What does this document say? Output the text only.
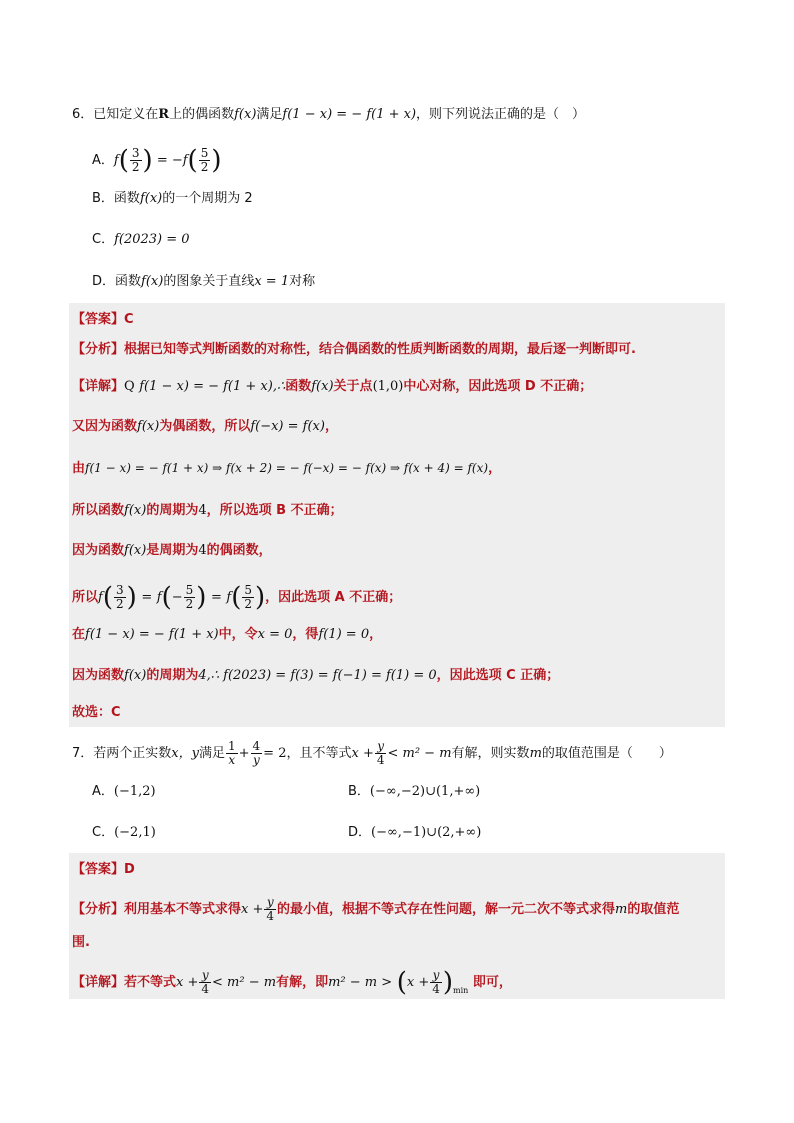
6．已知定义在R上的偶函数f(x)满足f(1 − x) = − f(1 + x)，则下列说法正确的是（　）
A．$f( \frac{3}{2}$ ) = $-f( \frac{5}{2}$ )
B．函数f(x)的一个周期为 2
C．f(2023) = 0
D．函数f(x)的图象关于直线x = 1对称
【答案】C
【分析】根据已知等式判断函数的对称性，结合偶函数的性质判断函数的周期，最后逐一判断即可.
【详解】Q f(1 − x) = − f(1 + x),∴函数f(x)关于点(1,0)中心对称，因此选项 D 不正确；
又因为函数f(x)为偶函数，所以f(−x) = f(x)，
由f(1 − x) = − f(1 + x) ⇒ f(x + 2) = − f(−x) = − f(x) ⇒ f(x + 4) = f(x)，
所以函数f(x)的周期为4，所以选项 B 不正确；
因为函数f(x)是周期为4的偶函数，
所以$f( \frac{3}{2}$ ) = $f(- \frac{5}{2}$ ) = $f( \frac{5}{2}$ )，因此选项 A 不正确；
在f(1 − x) = − f(1 + x)中，令x = 0，得f(1) = 0，
因为函数f(x)的周期为4,∴ f(2023) = f(3) = f(−1) = f(1) = 0，因此选项 C 正确；
故选：C
7．若两个正实数x，y满足 $\frac{1}{x} + \frac{4}{y} = 2$，且不等式$x + \frac{y}{4} < m^2 - m$有解，则实数m的取值范围是（　　）
A．(−1,2)	B．(−∞,−2)∪(1,+∞)
C．(−2,1)	D．(−∞,−1)∪(2,+∞)
【答案】D
【分析】利用基本不等式求得$x + \frac{y}{4}$ 的最小值，根据不等式存在性问题，解一元二次不等式求得m的取值范
围.
【详解】若不等式$x + \frac{y}{4} < m^2 - m$有解，即$m^2 - m > (x + \frac{y}{4} )_{min}$ 即可，
